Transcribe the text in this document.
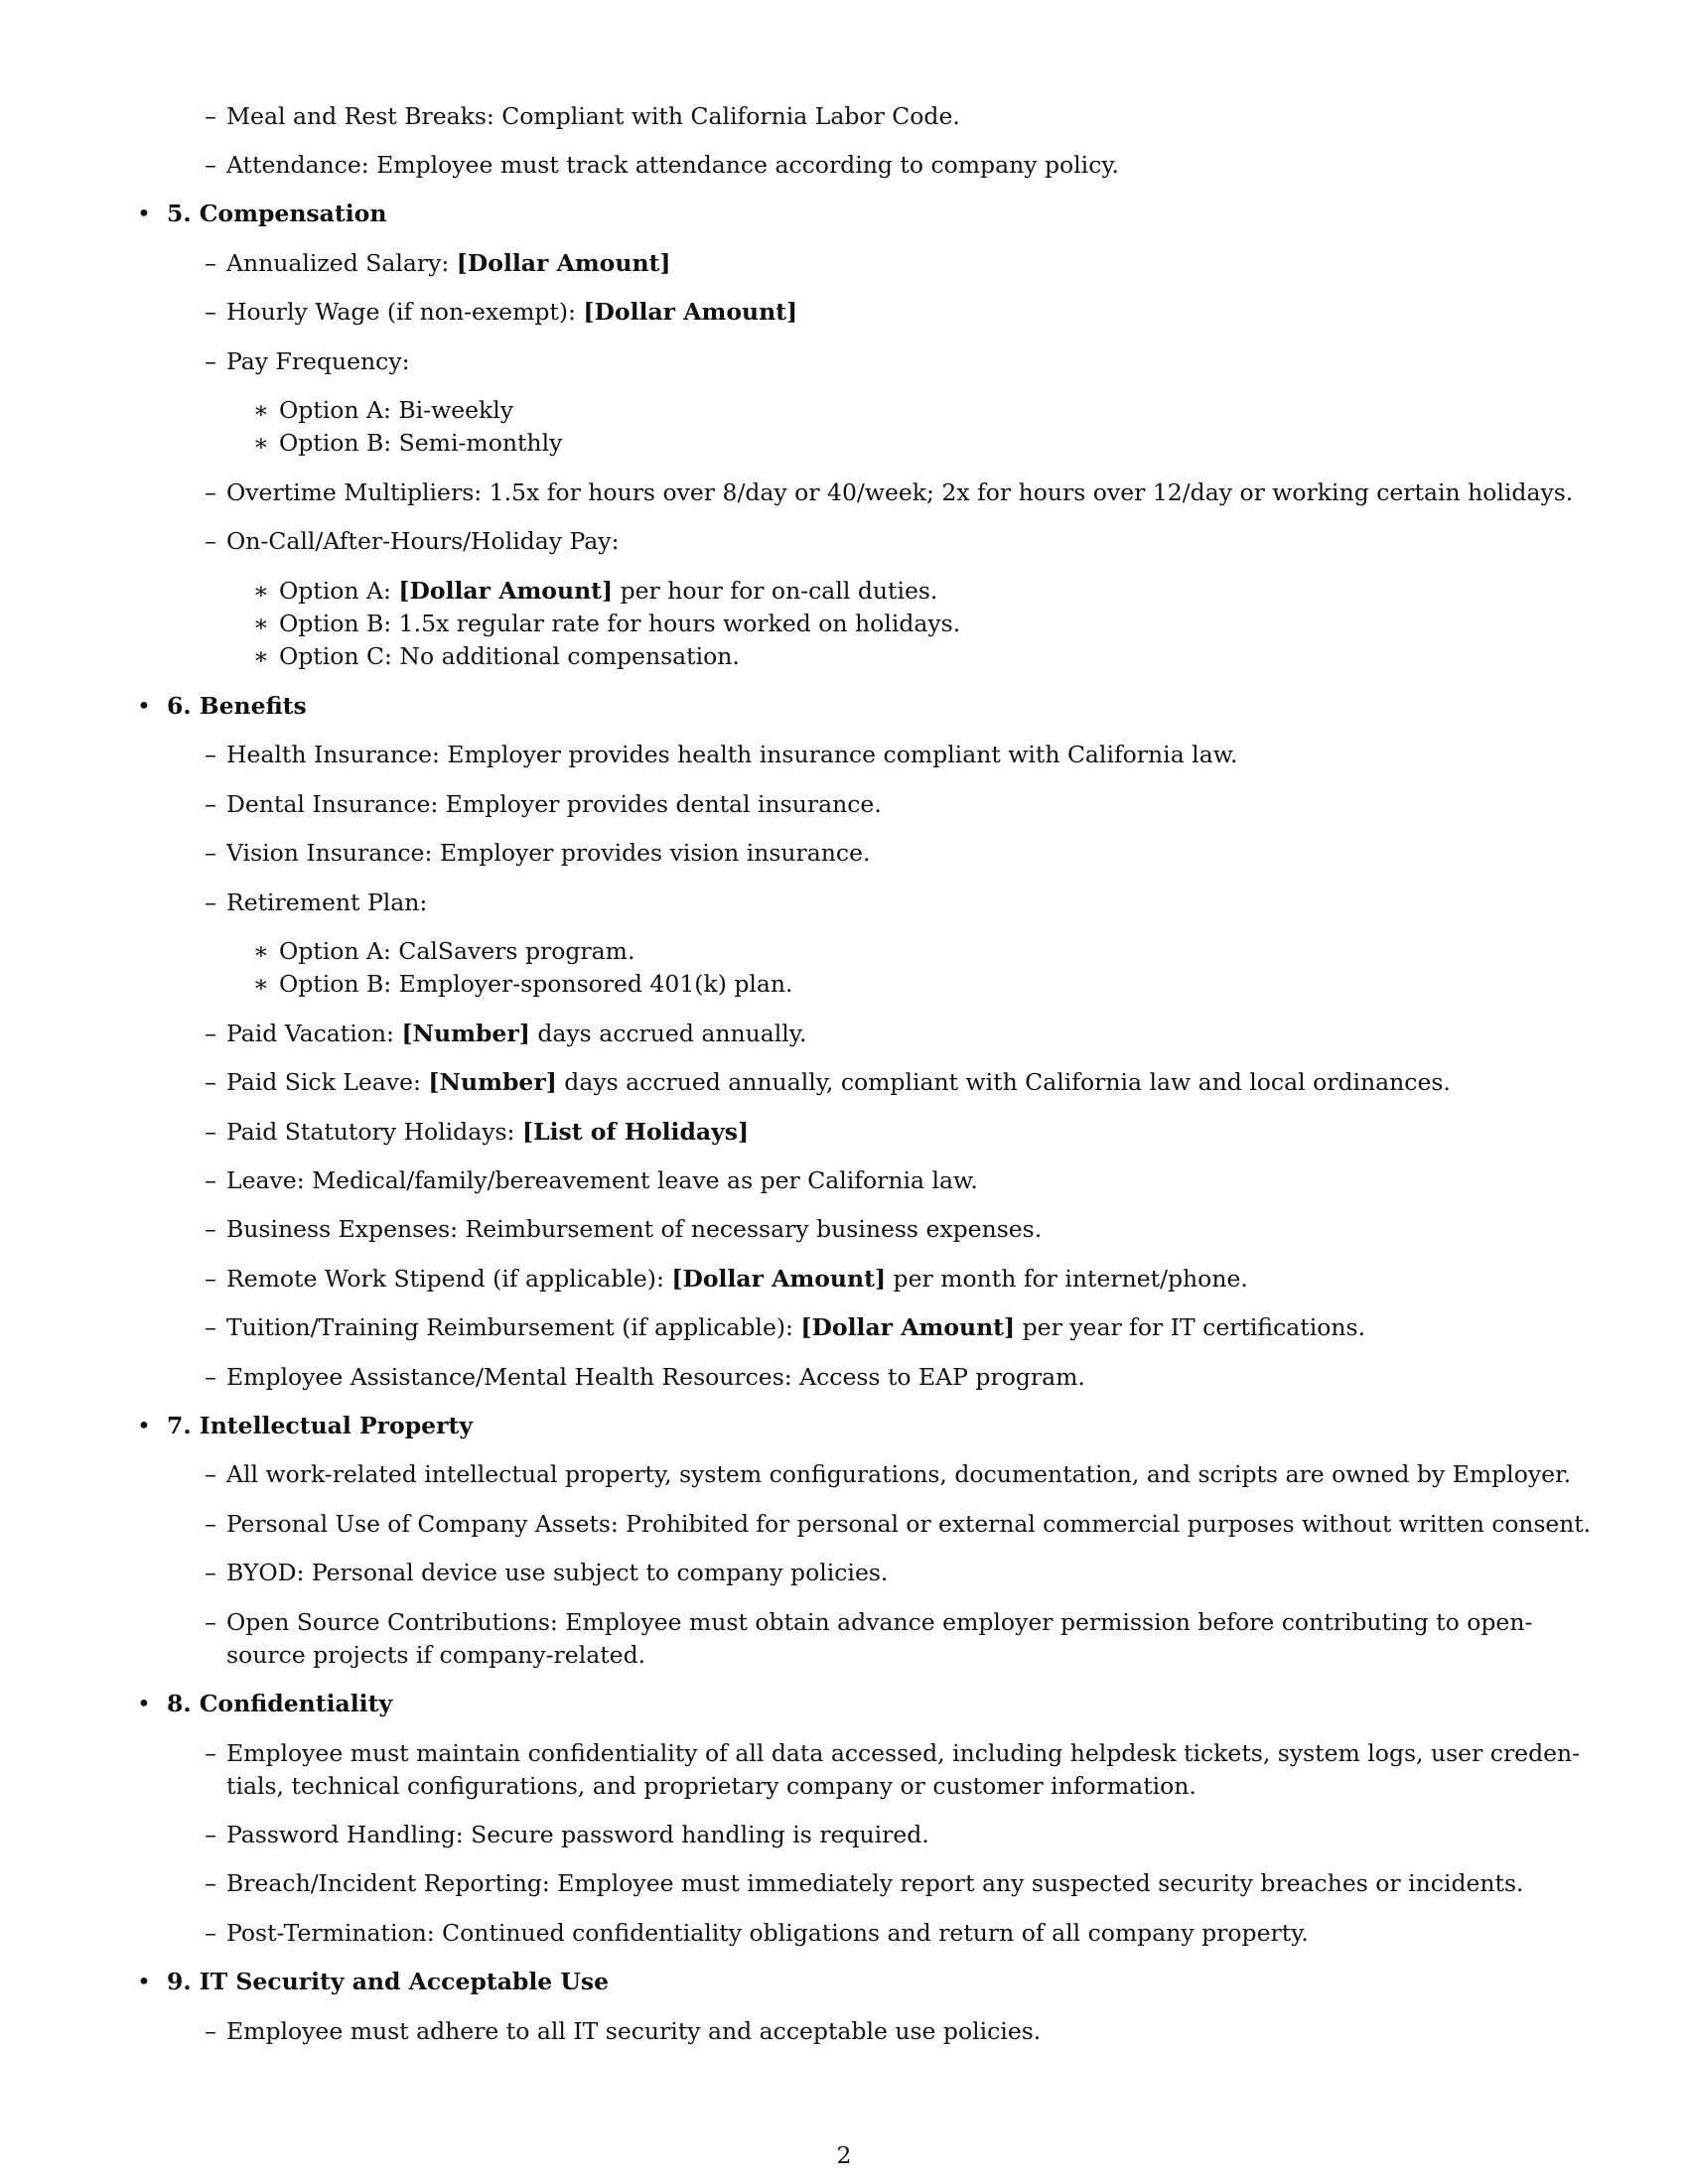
– Meal and Rest Breaks: Compliant with California Labor Code.
– Attendance: Employee must track attendance according to company policy.
• 5. Compensation
– Annualized Salary: [Dollar Amount]
– Hourly Wage (if non-exempt): [Dollar Amount]
– Pay Frequency:
∗ Option A: Bi-weekly
∗ Option B: Semi-monthly
– Overtime Multipliers: 1.5x for hours over 8/day or 40/week; 2x for hours over 12/day or working certain holidays.
– On-Call/After-Hours/Holiday Pay:
∗ Option A: [Dollar Amount] per hour for on-call duties.
∗ Option B: 1.5x regular rate for hours worked on holidays.
∗ Option C: No additional compensation.
• 6. Benefits
– Health Insurance: Employer provides health insurance compliant with California law.
– Dental Insurance: Employer provides dental insurance.
– Vision Insurance: Employer provides vision insurance.
– Retirement Plan:
∗ Option A: CalSavers program.
∗ Option B: Employer-sponsored 401(k) plan.
– Paid Vacation: [Number] days accrued annually.
– Paid Sick Leave: [Number] days accrued annually, compliant with California law and local ordinances.
– Paid Statutory Holidays: [List of Holidays]
– Leave: Medical/family/bereavement leave as per California law.
– Business Expenses: Reimbursement of necessary business expenses.
– Remote Work Stipend (if applicable): [Dollar Amount] per month for internet/phone.
– Tuition/Training Reimbursement (if applicable): [Dollar Amount] per year for IT certifications.
– Employee Assistance/Mental Health Resources: Access to EAP program.
• 7. Intellectual Property
– All work-related intellectual property, system configurations, documentation, and scripts are owned by Employer.
– Personal Use of Company Assets: Prohibited for personal or external commercial purposes without written consent.
– BYOD: Personal device use subject to company policies.
– Open Source Contributions: Employee must obtain advance employer permission before contributing to open-
source projects if company-related.
• 8. Confidentiality
– Employee must maintain confidentiality of all data accessed, including helpdesk tickets, system logs, user creden-
tials, technical configurations, and proprietary company or customer information.
– Password Handling: Secure password handling is required.
– Breach/Incident Reporting: Employee must immediately report any suspected security breaches or incidents.
– Post-Termination: Continued confidentiality obligations and return of all company property.
• 9. IT Security and Acceptable Use
– Employee must adhere to all IT security and acceptable use policies.
2
